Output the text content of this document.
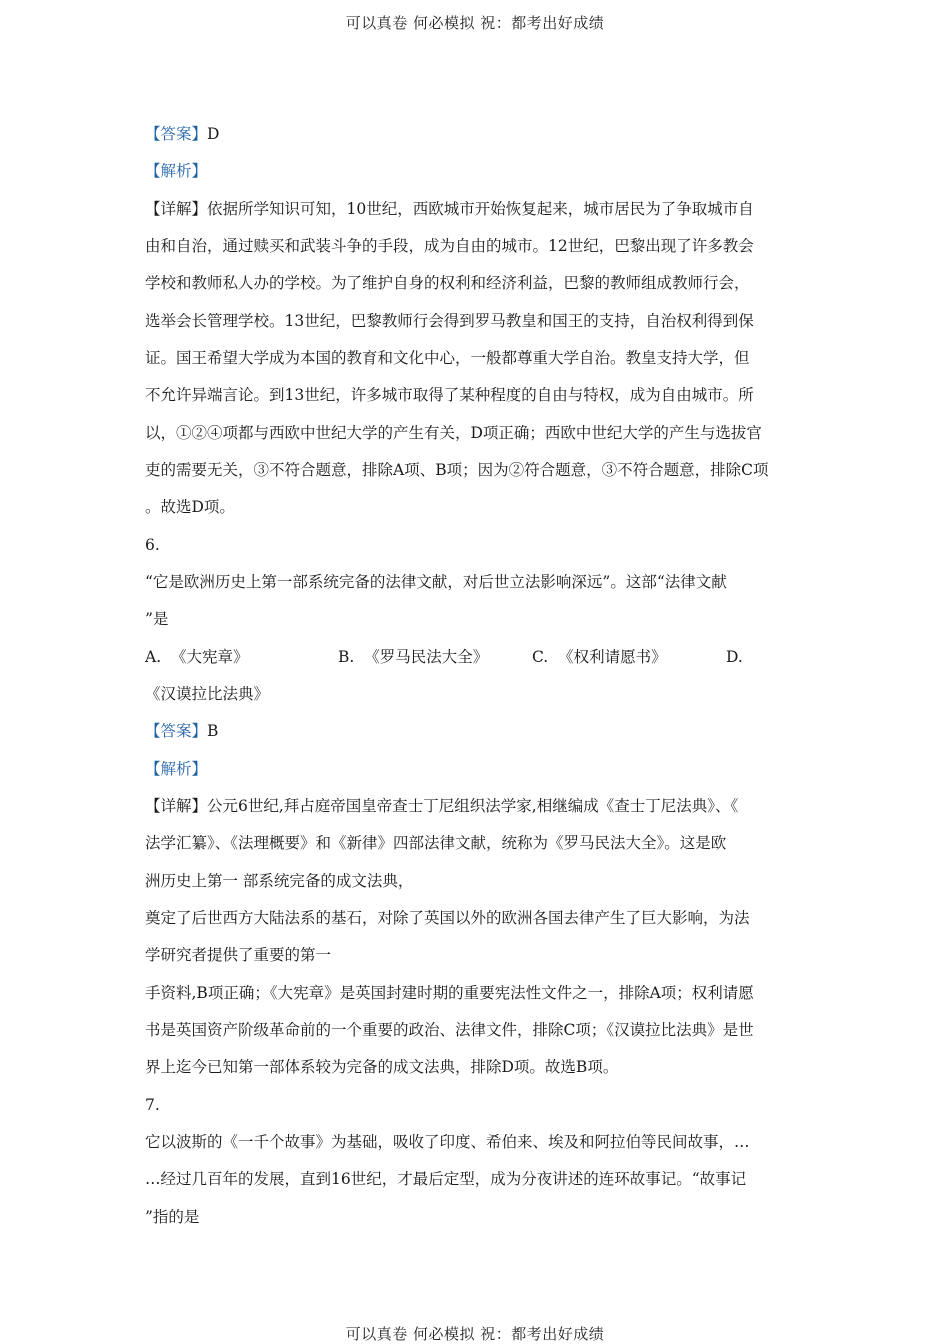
可以真卷 何必模拟 祝：都考出好成绩
【答案】D
【解析】
【详解】依据所学知识可知，10世纪，西欧城市开始恢复起来，城市居民为了争取城市自
由和自治，通过赎买和武装斗争的手段，成为自由的城市。12世纪，巴黎出现了许多教会
学校和教师私人办的学校。为了维护自身的权利和经济利益，巴黎的教师组成教师行会，
选举会长管理学校。13世纪，巴黎教师行会得到罗马教皇和国王的支持，自治权利得到保
证。国王希望大学成为本国的教育和文化中心，一般都尊重大学自治。教皇支持大学，但
不允许异端言论。到13世纪，许多城市取得了某种程度的自由与特权，成为自由城市。所
以，①②④项都与西欧中世纪大学的产生有关，D项正确；西欧中世纪大学的产生与选拔官
吏的需要无关，③不符合题意，排除A项、B项；因为②符合题意，③不符合题意，排除C项
。故选D项。
6.
“它是欧洲历史上第一部系统完备的法律文献，对后世立法影响深远”。这部“法律文献
”是
A. 《大宪章》	B. 《罗马民法大全》	C. 《权利请愿书》	D.
《汉谟拉比法典》
【答案】B
【解析】
【详解】公元6世纪,拜占庭帝国皇帝查士丁尼组织法学家,相继编成《查士丁尼法典》、《
法学汇纂》、《法理概要》和《新律》四部法律文献，统称为《罗马民法大全》。这是欧
洲历史上第一 部系统完备的成文法典，
奠定了后世西方大陆法系的基石，对除了英国以外的欧洲各国去律产生了巨大影响，为法
学研究者提供了重要的第一
手资料,B项正确；《大宪章》是英国封建时期的重要宪法性文件之一，排除A项；权利请愿
书是英国资产阶级革命前的一个重要的政治、法律文件，排除C项；《汉谟拉比法典》是世
界上迄今已知第一部体系较为完备的成文法典，排除D项。故选B项。
7.
它以波斯的《一千个故事》为基础，吸收了印度、希伯来、埃及和阿拉伯等民间故事，…
…经过几百年的发展，直到16世纪，才最后定型，成为分夜讲述的连环故事记。“故事记
”指的是
可以真卷 何必模拟 祝：都考出好成绩
